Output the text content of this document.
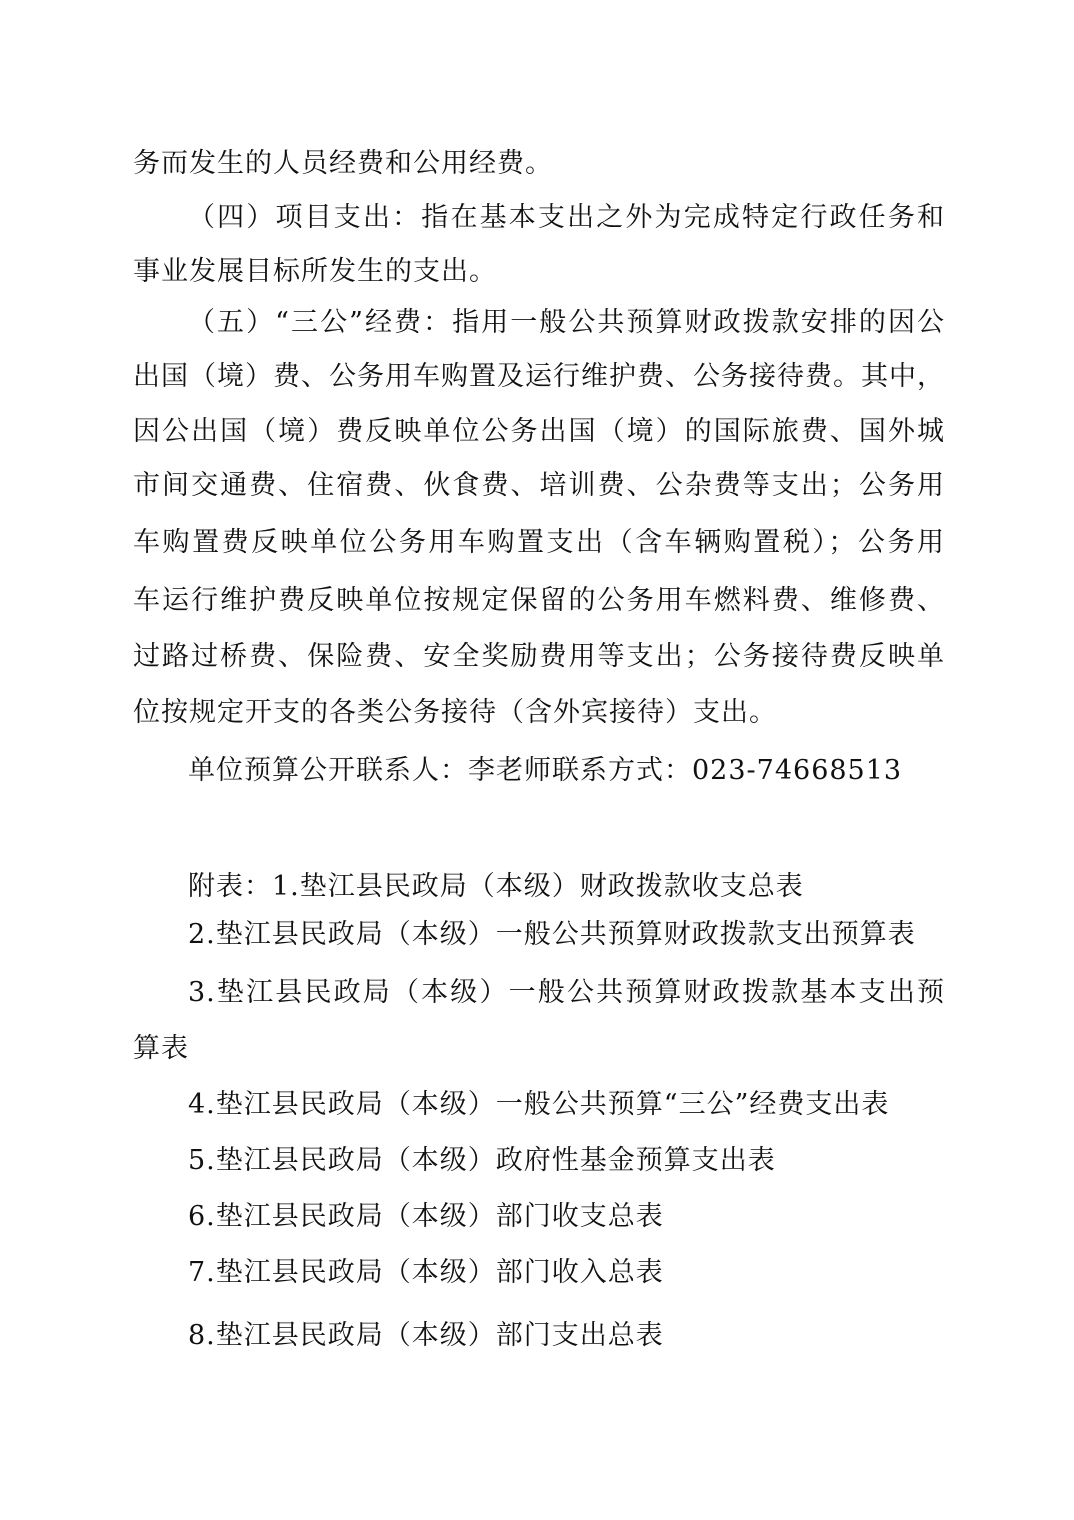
务而发生的人员经费和公用经费。
（四）项目支出：指在基本支出之外为完成特定行政任务和
事业发展目标所发生的支出。
（五）“三公”经费：指用一般公共预算财政拨款安排的因公
出国（境）费、公务用车购置及运行维护费、公务接待费。其中，
因公出国（境）费反映单位公务出国（境）的国际旅费、国外城
市间交通费、住宿费、伙食费、培训费、公杂费等支出；公务用
车购置费反映单位公务用车购置支出（含车辆购置税）；公务用
车运行维护费反映单位按规定保留的公务用车燃料费、维修费、
过路过桥费、保险费、安全奖励费用等支出；公务接待费反映单
位按规定开支的各类公务接待（含外宾接待）支出。
单位预算公开联系人：李老师联系方式：023-74668513
附表：1.垫江县民政局（本级）财政拨款收支总表
2.垫江县民政局（本级）一般公共预算财政拨款支出预算表
3.垫江县民政局（本级）一般公共预算财政拨款基本支出预
算表
4.垫江县民政局（本级）一般公共预算“三公”经费支出表
5.垫江县民政局（本级）政府性基金预算支出表
6.垫江县民政局（本级）部门收支总表
7.垫江县民政局（本级）部门收入总表
8.垫江县民政局（本级）部门支出总表
